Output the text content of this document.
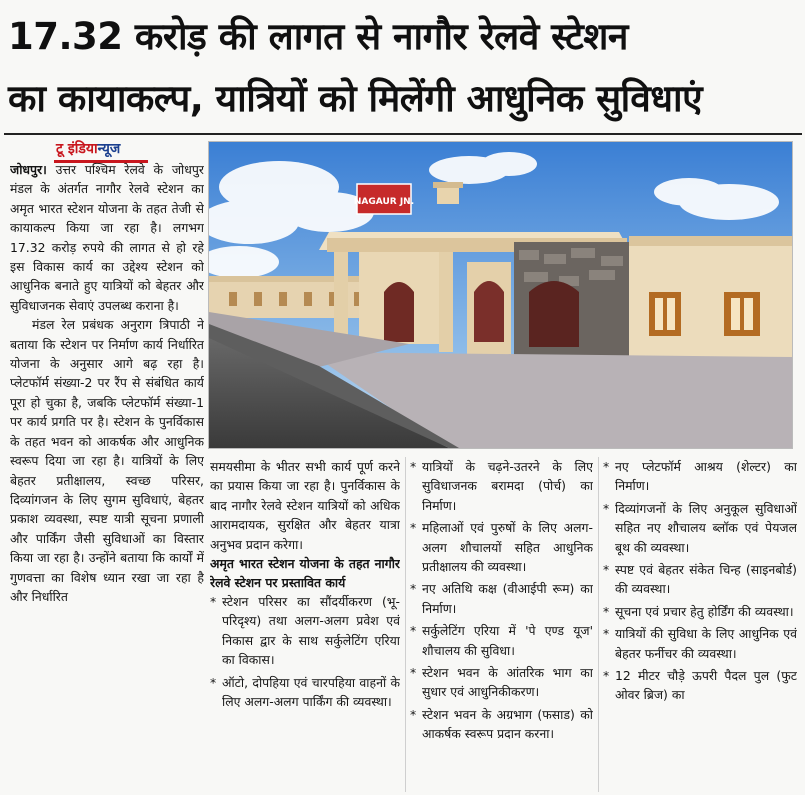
17.32 करोड़ की लागत से नागौर रेलवे स्टेशन
का कायाकल्प, यात्रियों को मिलेंगी आधुनिक सुविधाएं
टू इंडियान्यूज

जोधपुर। उत्तर पश्चिम रेलवे के जोधपुर मंडल के अंतर्गत नागौर रेलवे स्टेशन का अमृत भारत स्टेशन योजना के तहत तेजी से कायाकल्प किया जा रहा है। लगभग 17.32 करोड़ रुपये की लागत से हो रहे इस विकास कार्य का उद्देश्य स्टेशन को आधुनिक बनाते हुए यात्रियों को बेहतर और सुविधाजनक सेवाएं उपलब्ध कराना है।

मंडल रेल प्रबंधक अनुराग त्रिपाठी ने बताया कि स्टेशन पर निर्माण कार्य निर्धारित योजना के अनुसार आगे बढ़ रहा है। प्लेटफॉर्म संख्या-2 पर रैंप से संबंधित कार्य पूरा हो चुका है, जबकि प्लेटफॉर्म संख्या-1 पर कार्य प्रगति पर है। स्टेशन के पुनर्विकास के तहत भवन को आकर्षक और आधुनिक स्वरूप दिया जा रहा है। यात्रियों के लिए बेहतर प्रतीक्षालय, स्वच्छ परिसर, दिव्यांगजन के लिए सुगम सुविधाएं, बेहतर प्रकाश व्यवस्था, स्पष्ट यात्री सूचना प्रणाली और पार्किंग जैसी सुविधाओं का विस्तार किया जा रहा है। उन्होंने बताया कि कार्यों में गुणवत्ता का विशेष ध्यान रखा जा रहा है और निर्धारित

NAGAUR JN.

समयसीमा के भीतर सभी कार्य पूर्ण करने का प्रयास किया जा रहा है। पुनर्विकास के बाद नागौर रेलवे स्टेशन यात्रियों को अधिक आरामदायक, सुरक्षित और बेहतर यात्रा अनुभव प्रदान करेगा।

अमृत भारत स्टेशन योजना के तहत नागौर रेलवे स्टेशन पर प्रस्तावित कार्य

* स्टेशन परिसर का सौंदर्यीकरण (भू-परिदृश्य) तथा अलग-अलग प्रवेश एवं निकास द्वार के साथ सर्कुलेटिंग एरिया का विकास।
* ऑटो, दोपहिया एवं चारपहिया वाहनों के लिए अलग-अलग पार्किंग की व्यवस्था।
* यात्रियों के चढ़ने-उतरने के लिए सुविधाजनक बरामदा (पोर्च) का निर्माण।
* महिलाओं एवं पुरुषों के लिए अलग-अलग शौचालयों सहित आधुनिक प्रतीक्षालय की व्यवस्था।
* नए अतिथि कक्ष (वीआईपी रूम) का निर्माण।
* सर्कुलेटिंग एरिया में 'पे एण्ड यूज' शौचालय की सुविधा।
* स्टेशन भवन के आंतरिक भाग का सुधार एवं आधुनिकीकरण।
* स्टेशन भवन के अग्रभाग (फसाड) को आकर्षक स्वरूप प्रदान करना।
* नए प्लेटफॉर्म आश्रय (शेल्टर) का निर्माण।
* दिव्यांगजनों के लिए अनुकूल सुविधाओं सहित नए शौचालय ब्लॉक एवं पेयजल बूथ की व्यवस्था।
* स्पष्ट एवं बेहतर संकेत चिन्ह (साइनबोर्ड) की व्यवस्था।
* सूचना एवं प्रचार हेतु होर्डिंग की व्यवस्था।
* यात्रियों की सुविधा के लिए आधुनिक एवं बेहतर फर्नीचर की व्यवस्था।
* 12 मीटर चौड़े ऊपरी पैदल पुल (फुट ओवर ब्रिज) का
